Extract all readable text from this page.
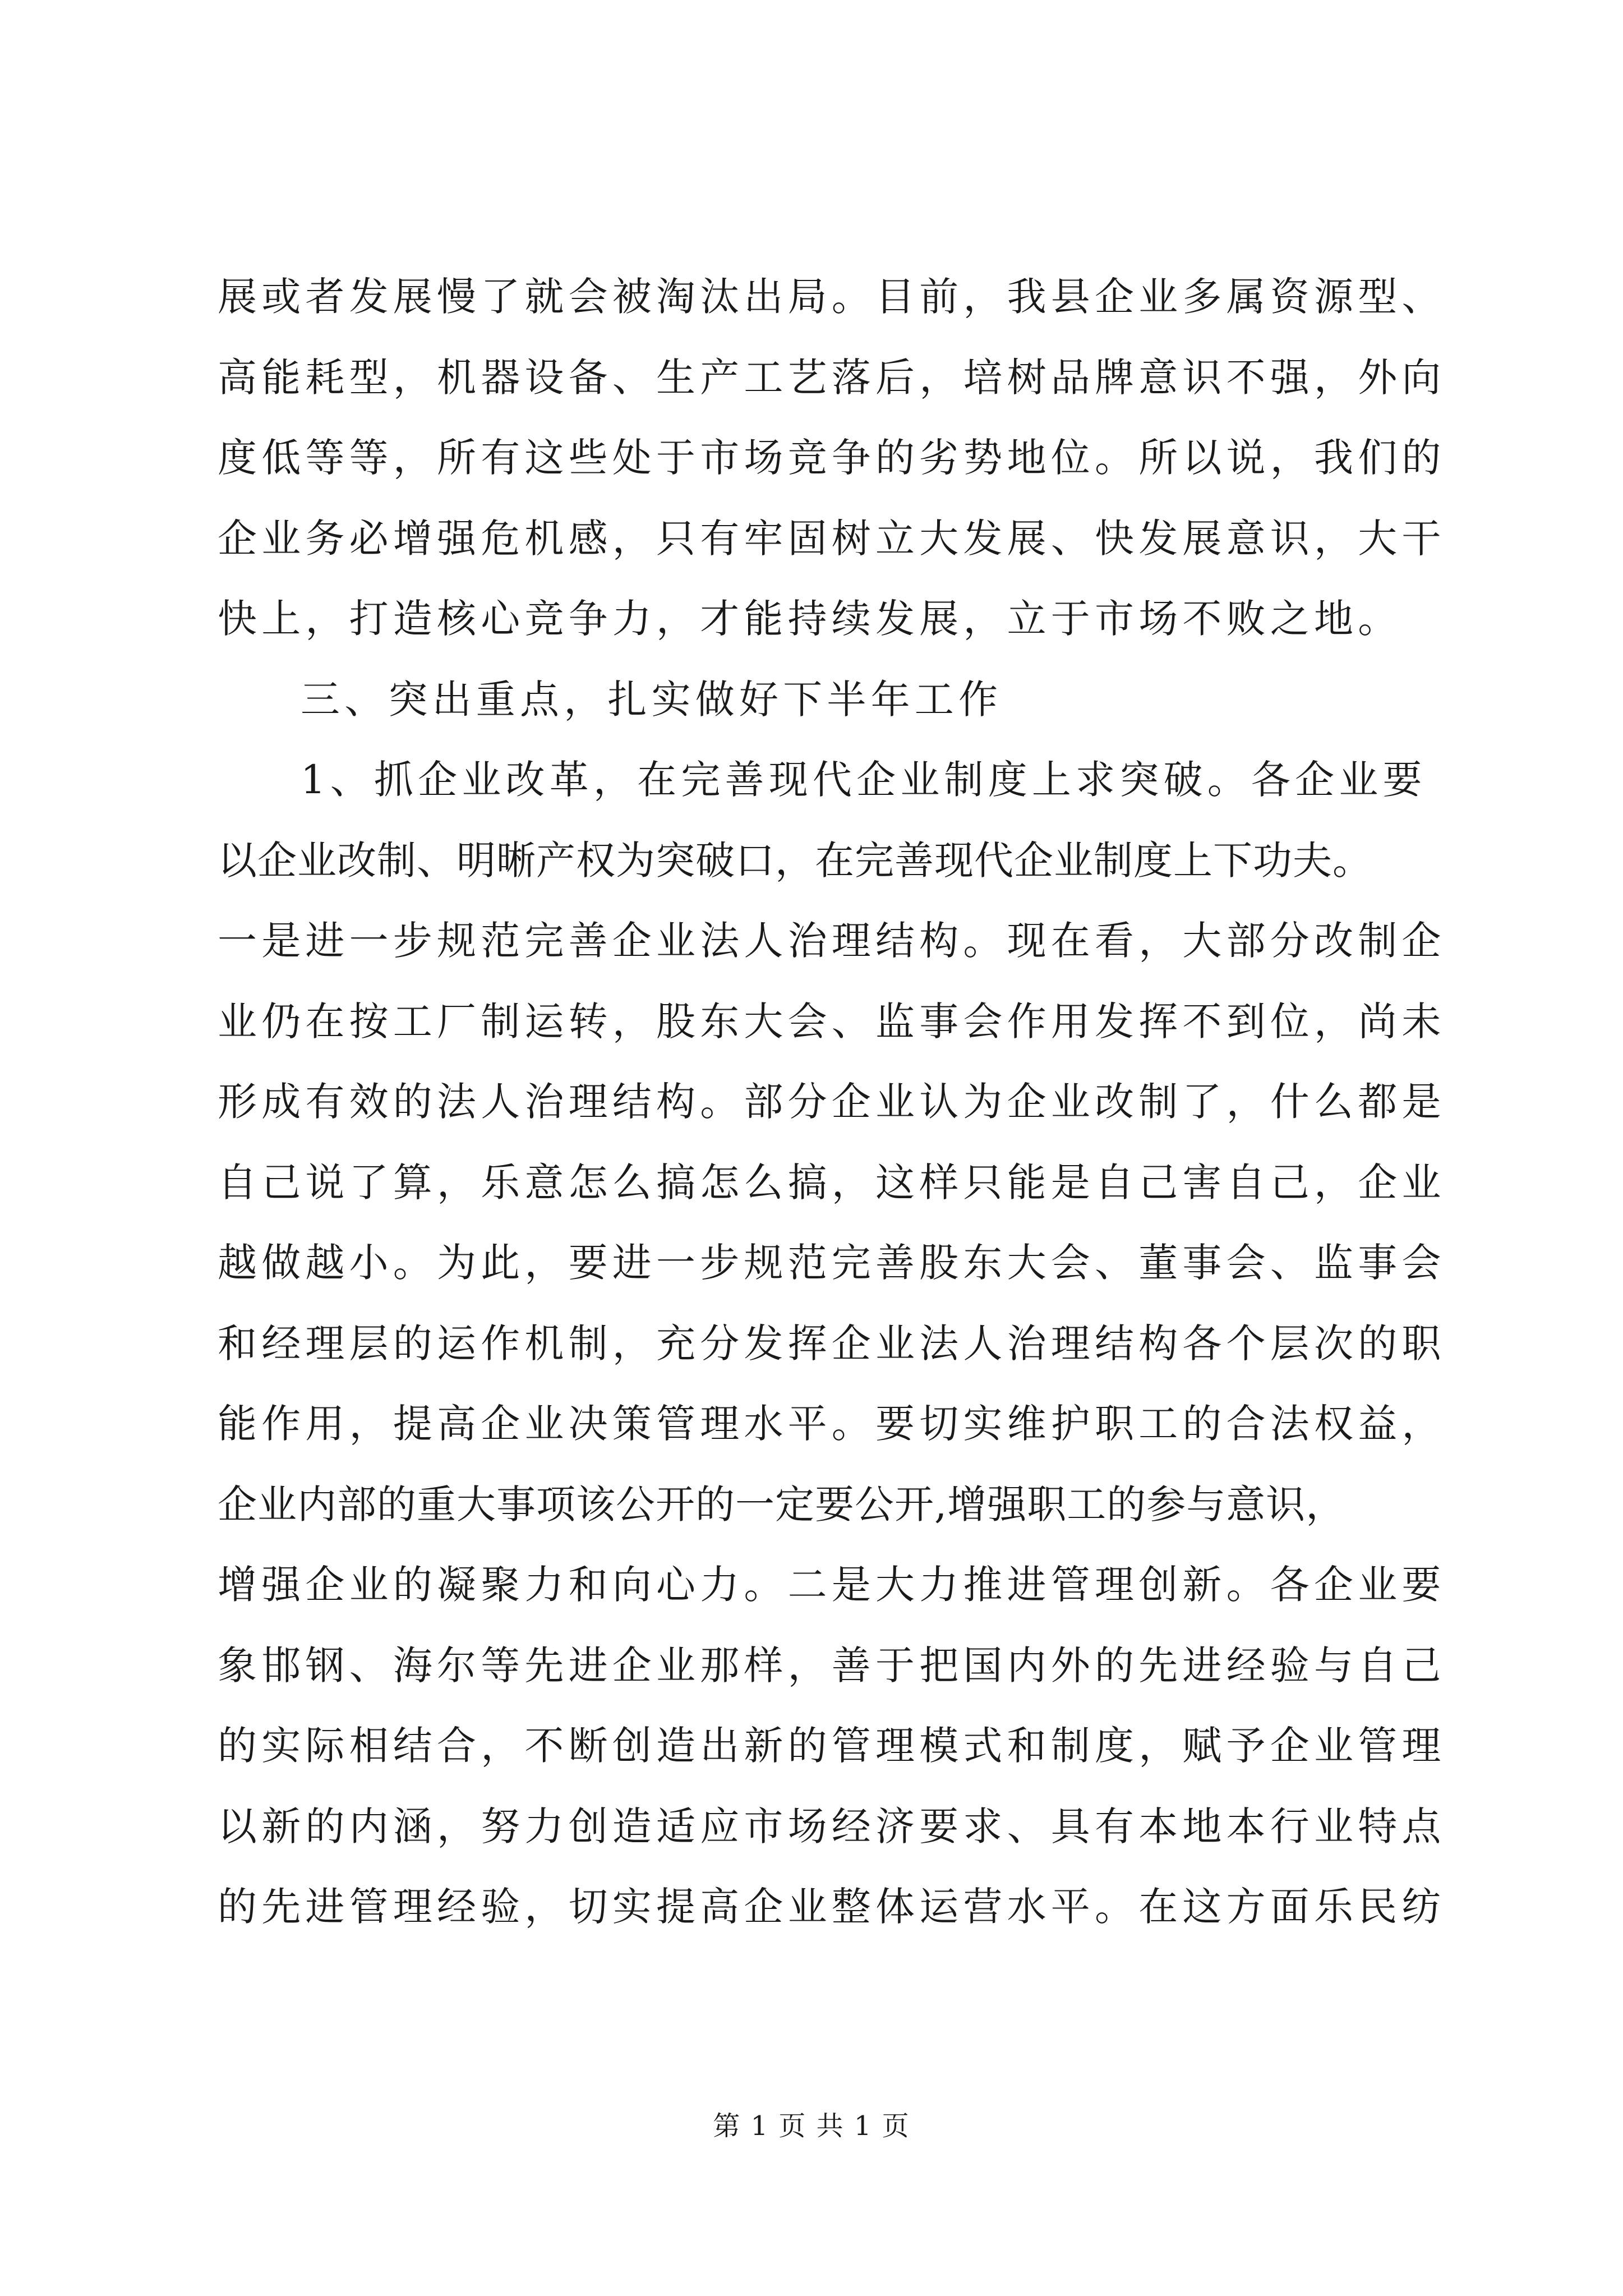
展或者发展慢了就会被淘汰出局。目前，我县企业多属资源型、
高能耗型，机器设备、生产工艺落后，培树品牌意识不强，外向
度低等等，所有这些处于市场竞争的劣势地位。所以说，我们的
企业务必增强危机感，只有牢固树立大发展、快发展意识，大干
快上，打造核心竞争力，才能持续发展，立于市场不败之地。
三、突出重点，扎实做好下半年工作
1、抓企业改革，在完善现代企业制度上求突破。各企业要
以企业改制、明晰产权为突破口，在完善现代企业制度上下功夫。
一是进一步规范完善企业法人治理结构。现在看，大部分改制企
业仍在按工厂制运转，股东大会、监事会作用发挥不到位，尚未
形成有效的法人治理结构。部分企业认为企业改制了，什么都是
自己说了算，乐意怎么搞怎么搞，这样只能是自己害自己，企业
越做越小。为此，要进一步规范完善股东大会、董事会、监事会
和经理层的运作机制，充分发挥企业法人治理结构各个层次的职
能作用，提高企业决策管理水平。要切实维护职工的合法权益，
企业内部的重大事项该公开的一定要公开,增强职工的参与意识，
增强企业的凝聚力和向心力。二是大力推进管理创新。各企业要
象邯钢、海尔等先进企业那样，善于把国内外的先进经验与自己
的实际相结合，不断创造出新的管理模式和制度，赋予企业管理
以新的内涵，努力创造适应市场经济要求、具有本地本行业特点
的先进管理经验，切实提高企业整体运营水平。在这方面乐民纺
第 1 页 共 1 页
